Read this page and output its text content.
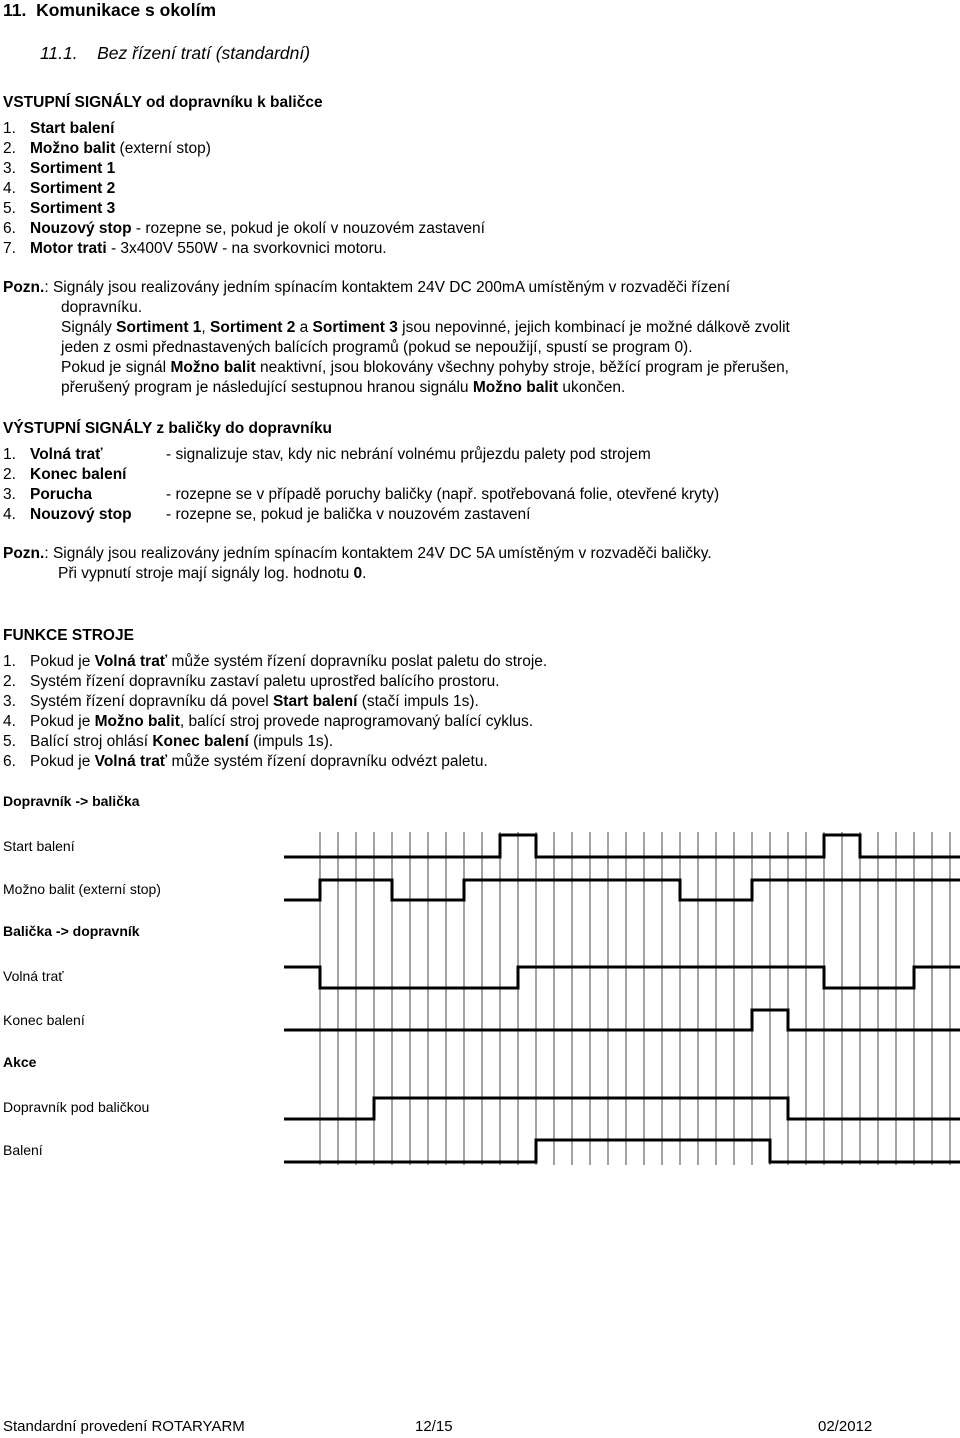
11. Komunikace s okolím
11.1. Bez řízení tratí (standardní)
VSTUPNÍ SIGNÁLY od dopravníku k baličce
1. Start balení
2. Možno balit (externí stop)
3. Sortiment 1
4. Sortiment 2
5. Sortiment 3
6. Nouzový stop - rozepne se, pokud je okolí v nouzovém zastavení
7. Motor trati - 3x400V 550W - na svorkovnici motoru.
Pozn.: Signály jsou realizovány jedním spínacím kontaktem 24V DC 200mA umístěným v rozvaděči řízení
dopravníku.
Signály Sortiment 1, Sortiment 2 a Sortiment 3 jsou nepovinné, jejich kombinací je možné dálkově zvolit
jeden z osmi přednastavených balících programů (pokud se nepoužijí, spustí se program 0).
Pokud je signál Možno balit neaktivní, jsou blokovány všechny pohyby stroje, běžící program je přerušen,
přerušený program je následující sestupnou hranou signálu Možno balit ukončen.
VÝSTUPNÍ SIGNÁLY z baličky do dopravníku
1. Volná trať	- signalizuje stav, kdy nic nebrání volnému průjezdu palety pod strojem
2. Konec balení
3. Porucha	- rozepne se v případě poruchy baličky (např. spotřebovaná folie, otevřené kryty)
4. Nouzový stop - rozepne se, pokud je balička v nouzovém zastavení
Pozn.: Signály jsou realizovány jedním spínacím kontaktem 24V DC 5A umístěným v rozvaděči baličky.
Při vypnutí stroje mají signály log. hodnotu 0.
FUNKCE STROJE
1. Pokud je Volná trať může systém řízení dopravníku poslat paletu do stroje.
2. Systém řízení dopravníku zastaví paletu uprostřed balícího prostoru.
3. Systém řízení dopravníku dá povel Start balení (stačí impuls 1s).
4. Pokud je Možno balit, balící stroj provede naprogramovaný balící cyklus.
5. Balící stroj ohlásí Konec balení (impuls 1s).
6. Pokud je Volná trať může systém řízení dopravníku odvézt paletu.
Dopravník -> balička
Start balení
Možno balit (externí stop)
Balička -> dopravník
Volná trať
Konec balení
Akce
Dopravník pod baličkou
Balení
Standardní provedení ROTARYARM	12/15	02/2012
